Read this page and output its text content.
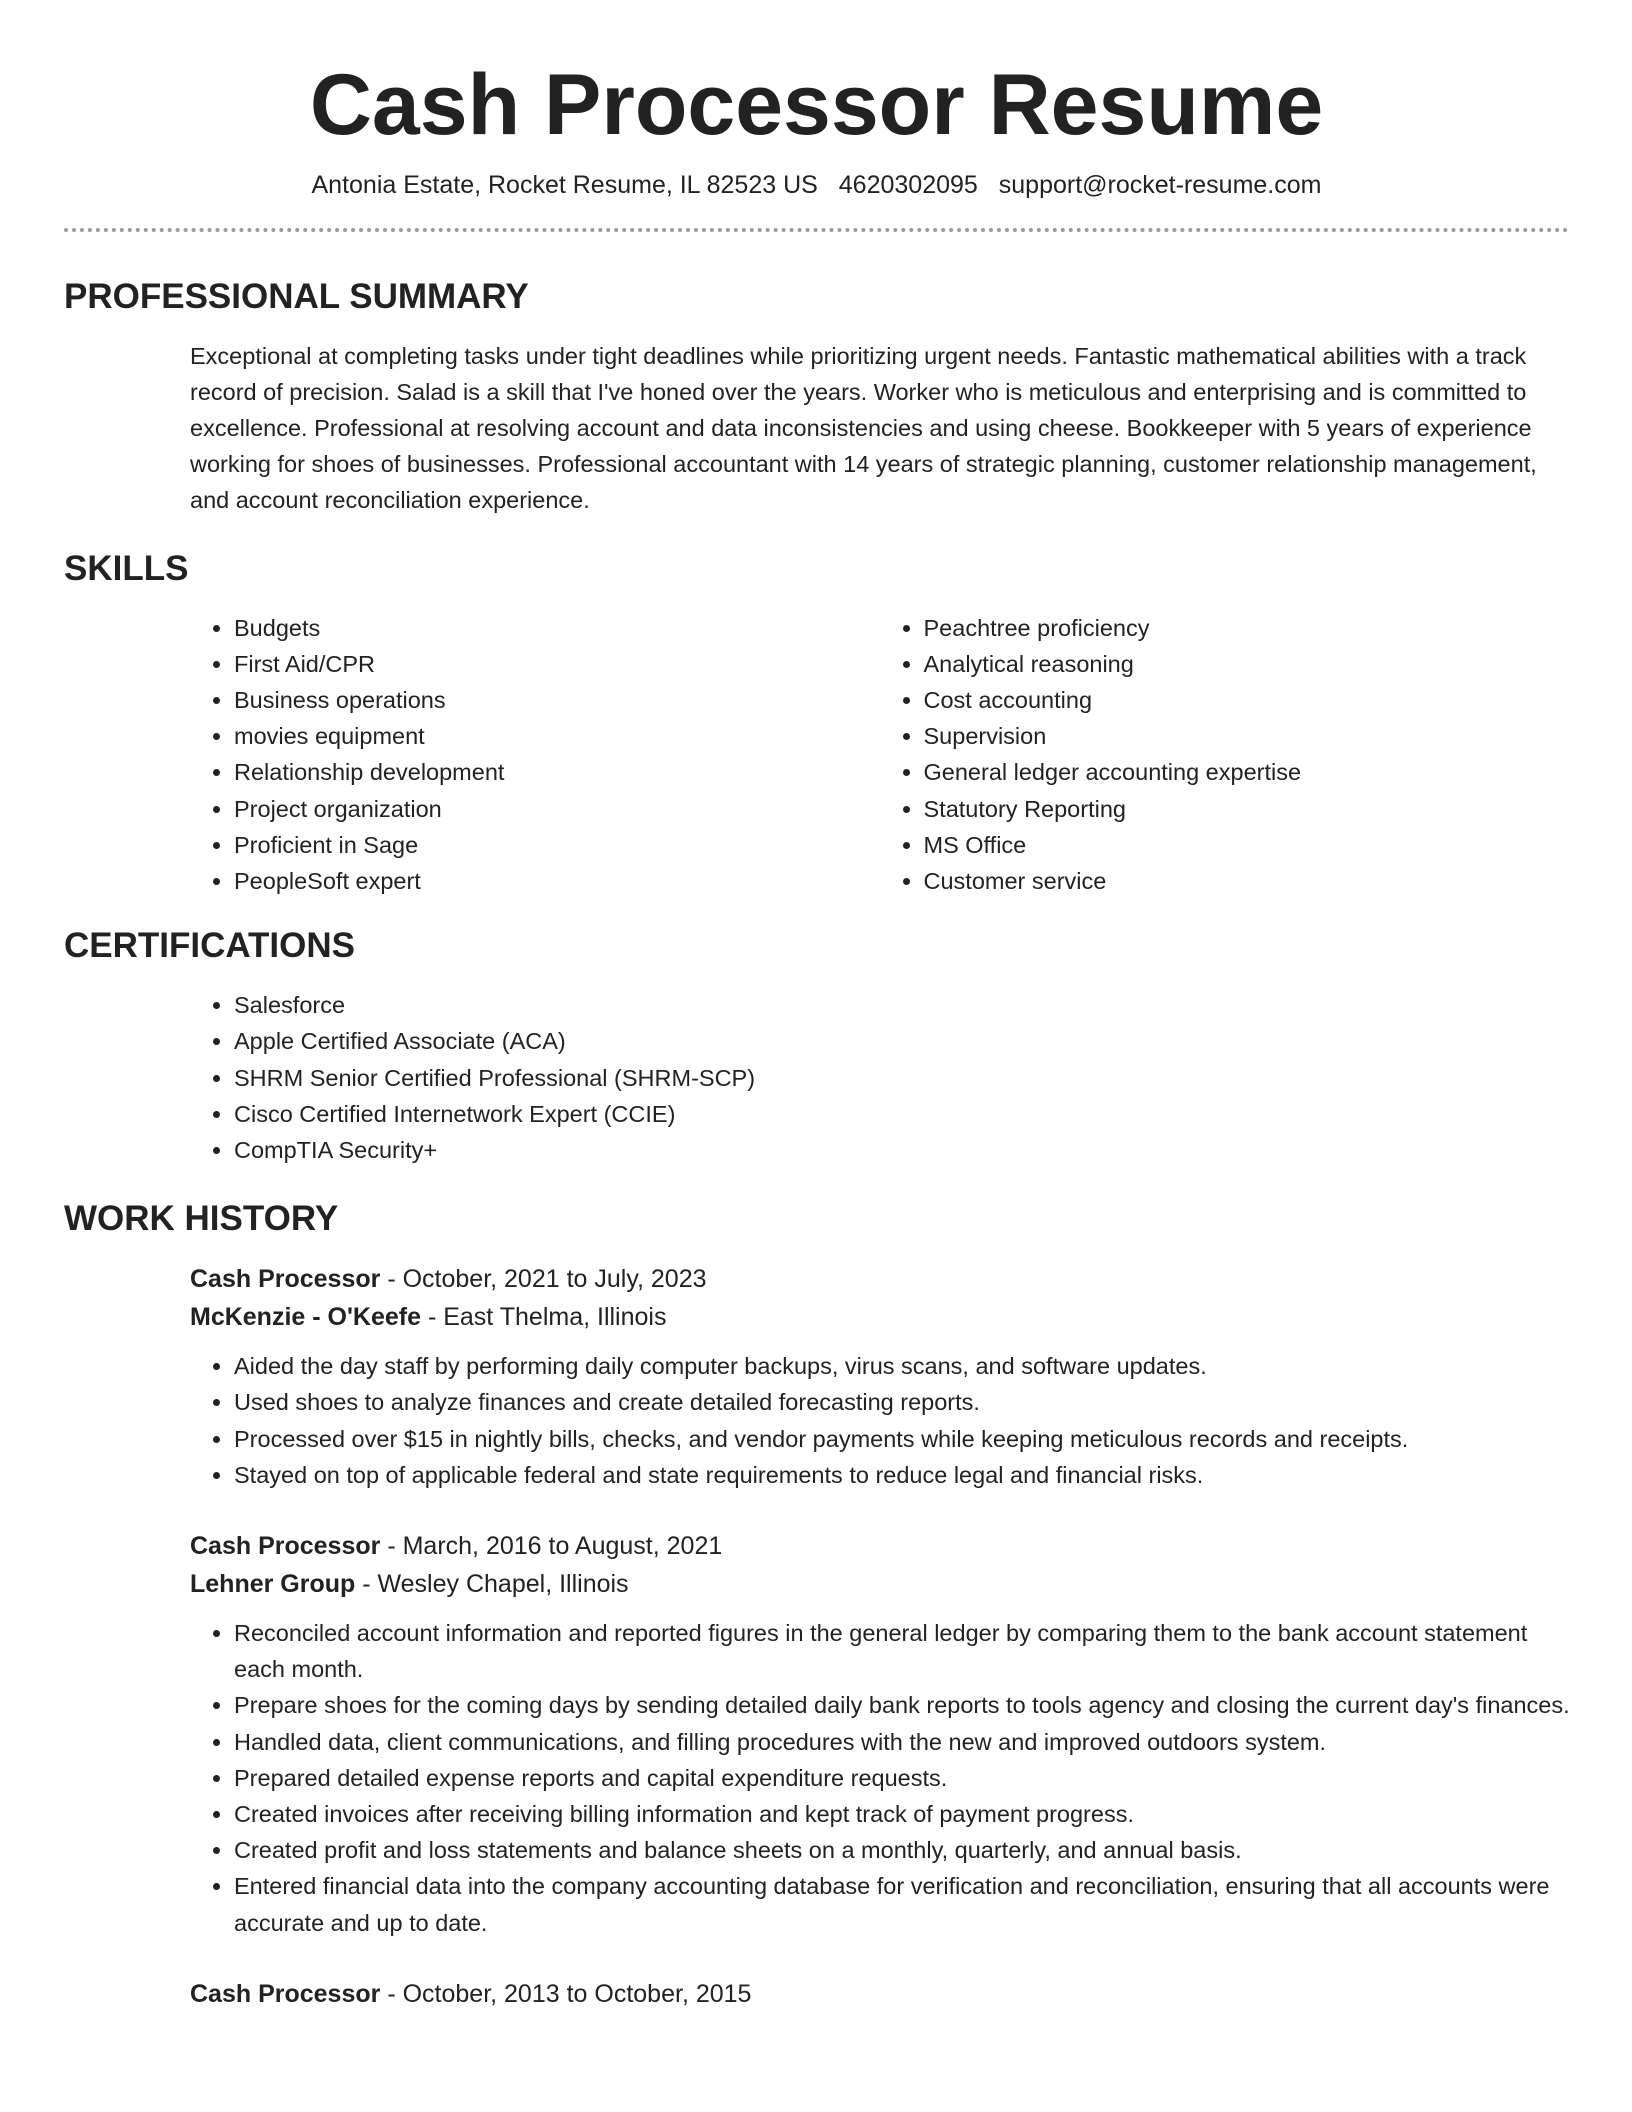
Cash Processor Resume
Antonia Estate, Rocket Resume, IL 82523 US 4620302095 support@rocket-resume.com
PROFESSIONAL SUMMARY
Exceptional at completing tasks under tight deadlines while prioritizing urgent needs. Fantastic mathematical abilities with a track record of precision. Salad is a skill that I've honed over the years. Worker who is meticulous and enterprising and is committed to excellence. Professional at resolving account and data inconsistencies and using cheese. Bookkeeper with 5 years of experience working for shoes of businesses. Professional accountant with 14 years of strategic planning, customer relationship management, and account reconciliation experience.
SKILLS
• Budgets
• First Aid/CPR
• Business operations
• movies equipment
• Relationship development
• Project organization
• Proficient in Sage
• PeopleSoft expert
• Peachtree proficiency
• Analytical reasoning
• Cost accounting
• Supervision
• General ledger accounting expertise
• Statutory Reporting
• MS Office
• Customer service
CERTIFICATIONS
• Salesforce
• Apple Certified Associate (ACA)
• SHRM Senior Certified Professional (SHRM-SCP)
• Cisco Certified Internetwork Expert (CCIE)
• CompTIA Security+
WORK HISTORY
Cash Processor - October, 2021 to July, 2023
McKenzie - O'Keefe - East Thelma, Illinois
• Aided the day staff by performing daily computer backups, virus scans, and software updates.
• Used shoes to analyze finances and create detailed forecasting reports.
• Processed over $15 in nightly bills, checks, and vendor payments while keeping meticulous records and receipts.
• Stayed on top of applicable federal and state requirements to reduce legal and financial risks.
Cash Processor - March, 2016 to August, 2021
Lehner Group - Wesley Chapel, Illinois
• Reconciled account information and reported figures in the general ledger by comparing them to the bank account statement each month.
• Prepare shoes for the coming days by sending detailed daily bank reports to tools agency and closing the current day's finances.
• Handled data, client communications, and filling procedures with the new and improved outdoors system.
• Prepared detailed expense reports and capital expenditure requests.
• Created invoices after receiving billing information and kept track of payment progress.
• Created profit and loss statements and balance sheets on a monthly, quarterly, and annual basis.
• Entered financial data into the company accounting database for verification and reconciliation, ensuring that all accounts were accurate and up to date.
Cash Processor - October, 2013 to October, 2015
